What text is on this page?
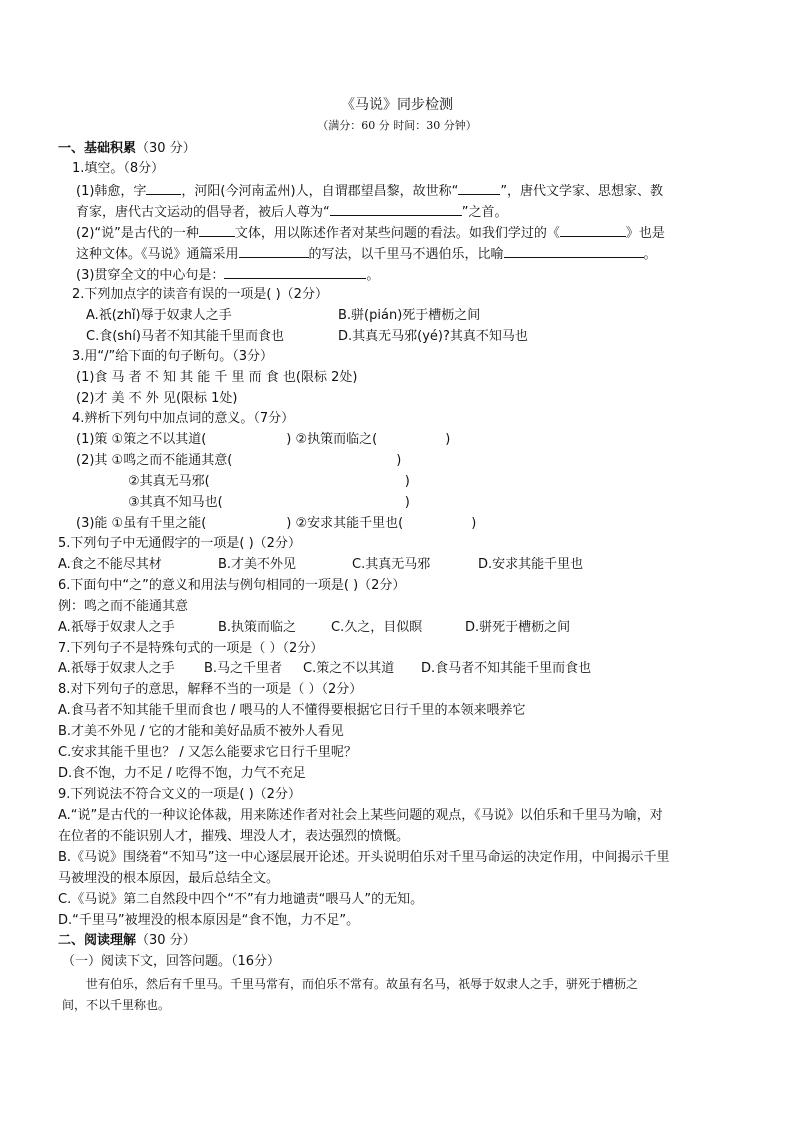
《马说》同步检测
（满分：60 分 时间：30 分钟）
一、基础积累（30 分）
1.填空。（8分）
(1)韩愈，字	，河阳(今河南孟州)人，自谓郡望昌黎，故世称“	”，唐代文学家、思想家、教
育家，唐代古文运动的倡导者，被后人尊为“	”之首。
(2)“说”是古代的一种	文体，用以陈述作者对某些问题的看法。如我们学过的《	》也是
这种文体。《马说》通篇采用	的写法，以千里马不遇伯乐，比喻	。
(3)贯穿全文的中心句是：	。
2.下列加点字的读音有误的一项是( )（2分）
A.祇(zhǐ)辱于奴隶人之手	B.骈(pián)死于槽枥之间
C.食(shí)马者不知其能千里而食也	D.其真无马邪(yé)?其真不知马也
3.用“/”给下面的句子断句。（3分）
(1)食 马 者 不 知 其 能 千 里 而 食 也(限标 2处)
(2)才 美 不 外 见(限标 1处)
4.辨析下列句中加点词的意义。（7分）
(1)策 ①策之不以其道(	) ②执策而临之(	)
(2)其 ①鸣之而不能通其意(	)
②其真无马邪(	)
③其真不知马也(	)
(3)能 ①虽有千里之能(	) ②安求其能千里也(	)
5.下列句子中无通假字的一项是( )（2分）
A.食之不能尽其材	B.才美不外见	C.其真无马邪	D.安求其能千里也
6.下面句中“之”的意义和用法与例句相同的一项是( )（2分）
例：鸣之而不能通其意
A.祇辱于奴隶人之手	B.执策而临之	C.久之，目似瞑	D.骈死于槽枥之间
7.下列句子不是特殊句式的一项是（ ）（2分）
A.祇辱于奴隶人之手 B.马之千里者 C.策之不以其道 D.食马者不知其能千里而食也
8.对下列句子的意思，解释不当的一项是（ ）（2分）
A.食马者不知其能千里而食也 / 喂马的人不懂得要根据它日行千里的本领来喂养它
B.才美不外见 / 它的才能和美好品质不被外人看见
C.安求其能千里也？ / 又怎么能要求它日行千里呢？
D.食不饱，力不足 / 吃得不饱，力气不充足
9.下列说法不符合文义的一项是( )（2分）
A.“说”是古代的一种议论体裁，用来陈述作者对社会上某些问题的观点，《马说》以伯乐和千里马为喻，对
在位者的不能识别人才，摧残、埋没人才，表达强烈的愤慨。
B.《马说》围绕着“不知马”这一中心逐层展开论述。开头说明伯乐对千里马命运的决定作用，中间揭示千里
马被埋没的根本原因，最后总结全文。
C.《马说》第二自然段中四个“不”有力地谴责“喂马人”的无知。
D.“千里马”被埋没的根本原因是“食不饱，力不足”。
二、阅读理解（30 分）
（一）阅读下文，回答问题。（16分）
世有伯乐，然后有千里马。千里马常有，而伯乐不常有。故虽有名马，祇辱于奴隶人之手，骈死于槽枥之
间，不以千里称也。
